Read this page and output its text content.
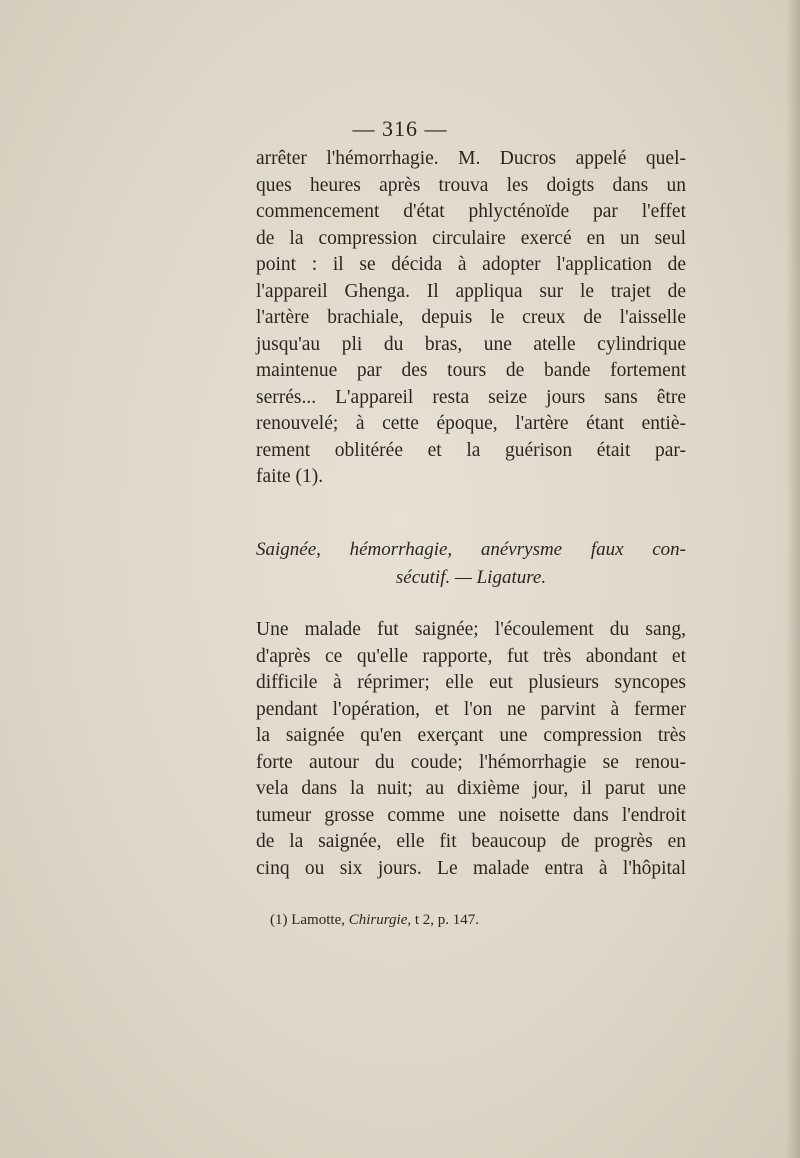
— 316 —
arrêter l'hémorrhagie. M. Ducros appelé quel-
ques heures après trouva les doigts dans un
commencement d'état phlycténoïde par l'effet
de la compression circulaire exercé en un seul
point : il se décida à adopter l'application de
l'appareil Ghenga. Il appliqua sur le trajet de
l'artère brachiale, depuis le creux de l'aisselle
jusqu'au pli du bras, une atelle cylindrique
maintenue par des tours de bande fortement
serrés... L'appareil resta seize jours sans être
renouvelé; à cette époque, l'artère étant entiè-
rement oblitérée et la guérison était par-
faite (1).
Saignée, hémorrhagie, anévrysme faux con-
sécutif. — Ligature.
Une malade fut saignée; l'écoulement du sang,
d'après ce qu'elle rapporte, fut très abondant et
difficile à réprimer; elle eut plusieurs syncopes
pendant l'opération, et l'on ne parvint à fermer
la saignée qu'en exerçant une compression très
forte autour du coude; l'hémorrhagie se renou-
vela dans la nuit; au dixième jour, il parut une
tumeur grosse comme une noisette dans l'endroit
de la saignée, elle fit beaucoup de progrès en
cinq ou six jours. Le malade entra à l'hôpital
(1) Lamotte, Chirurgie, t 2, p. 147.
